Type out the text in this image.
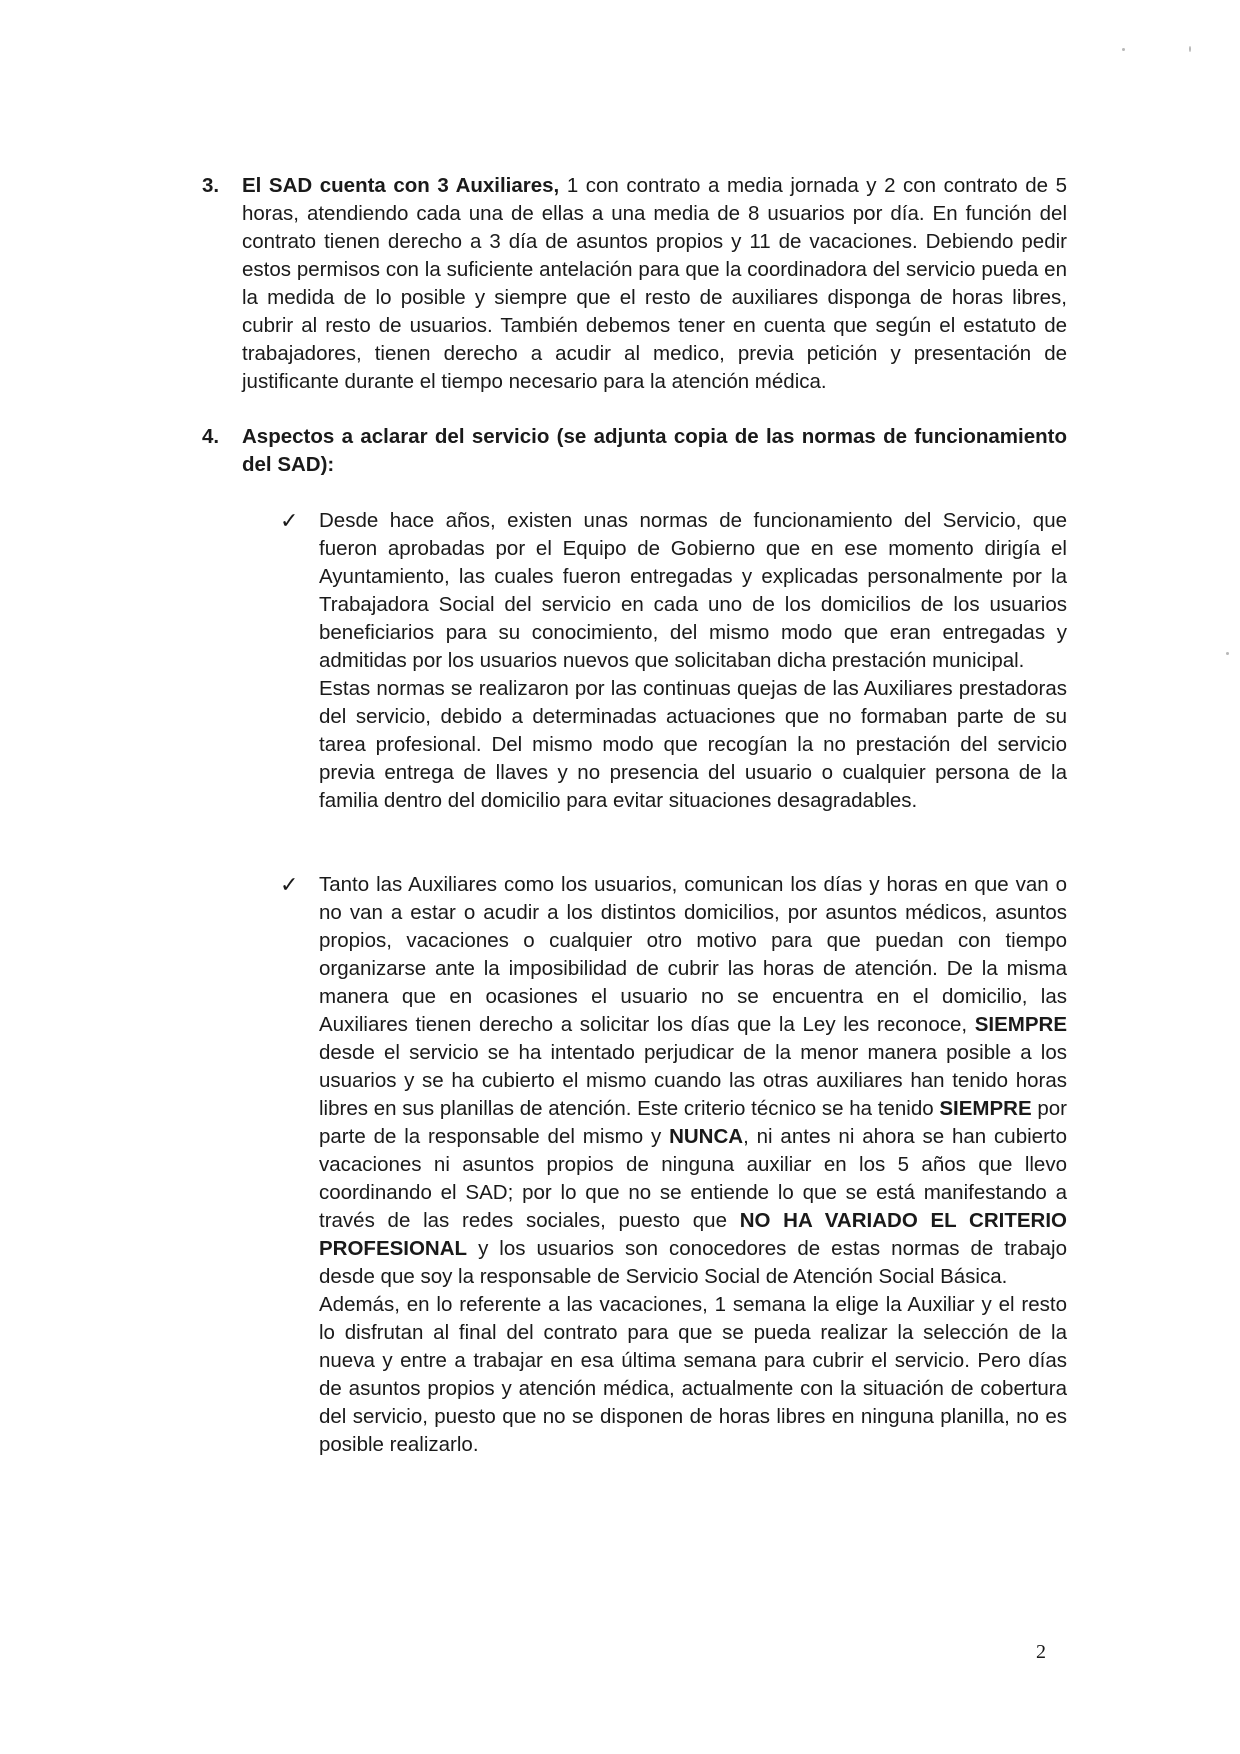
3. El SAD cuenta con 3 Auxiliares, 1 con contrato a media jornada y 2 con contrato de 5 horas, atendiendo cada una de ellas a una media de 8 usuarios por día. En función del contrato tienen derecho a 3 día de asuntos propios y 11 de vacaciones. Debiendo pedir estos permisos con la suficiente antelación para que la coordinadora del servicio pueda en la medida de lo posible y siempre que el resto de auxiliares disponga de horas libres, cubrir al resto de usuarios. También debemos tener en cuenta que según el estatuto de trabajadores, tienen derecho a acudir al medico, previa petición y presentación de justificante durante el tiempo necesario para la atención médica.
4. Aspectos a aclarar del servicio (se adjunta copia de las normas de funcionamiento del SAD):
✓ Desde hace años, existen unas normas de funcionamiento del Servicio, que fueron aprobadas por el Equipo de Gobierno que en ese momento dirigía el Ayuntamiento, las cuales fueron entregadas y explicadas personalmente por la Trabajadora Social del servicio en cada uno de los domicilios de los usuarios beneficiarios para su conocimiento, del mismo modo que eran entregadas y admitidas por los usuarios nuevos que solicitaban dicha prestación municipal.

Estas normas se realizaron por las continuas quejas de las Auxiliares prestadoras del servicio, debido a determinadas actuaciones que no formaban parte de su tarea profesional. Del mismo modo que recogían la no prestación del servicio previa entrega de llaves y no presencia del usuario o cualquier persona de la familia dentro del domicilio para evitar situaciones desagradables.

✓ Tanto las Auxiliares como los usuarios, comunican los días y horas en que van o no van a estar o acudir a los distintos domicilios, por asuntos médicos, asuntos propios, vacaciones o cualquier otro motivo para que puedan con tiempo organizarse ante la imposibilidad de cubrir las horas de atención. De la misma manera que en ocasiones el usuario no se encuentra en el domicilio, las Auxiliares tienen derecho a solicitar los días que la Ley les reconoce, SIEMPRE desde el servicio se ha intentado perjudicar de la menor manera posible a los usuarios y se ha cubierto el mismo cuando las otras auxiliares han tenido horas libres en sus planillas de atención. Este criterio técnico se ha tenido SIEMPRE por parte de la responsable del mismo y NUNCA, ni antes ni ahora se han cubierto vacaciones ni asuntos propios de ninguna auxiliar en los 5 años que llevo coordinando el SAD; por lo que no se entiende lo que se está manifestando a través de las redes sociales, puesto que NO HA VARIADO EL CRITERIO PROFESIONAL y los usuarios son conocedores de estas normas de trabajo desde que soy la responsable de Servicio Social de Atención Social Básica.

Además, en lo referente a las vacaciones, 1 semana la elige la Auxiliar y el resto lo disfrutan al final del contrato para que se pueda realizar la selección de la nueva y entre a trabajar en esa última semana para cubrir el servicio. Pero días de asuntos propios y atención médica, actualmente con la situación de cobertura del servicio, puesto que no se disponen de horas libres en ninguna planilla, no es posible realizarlo.

2
